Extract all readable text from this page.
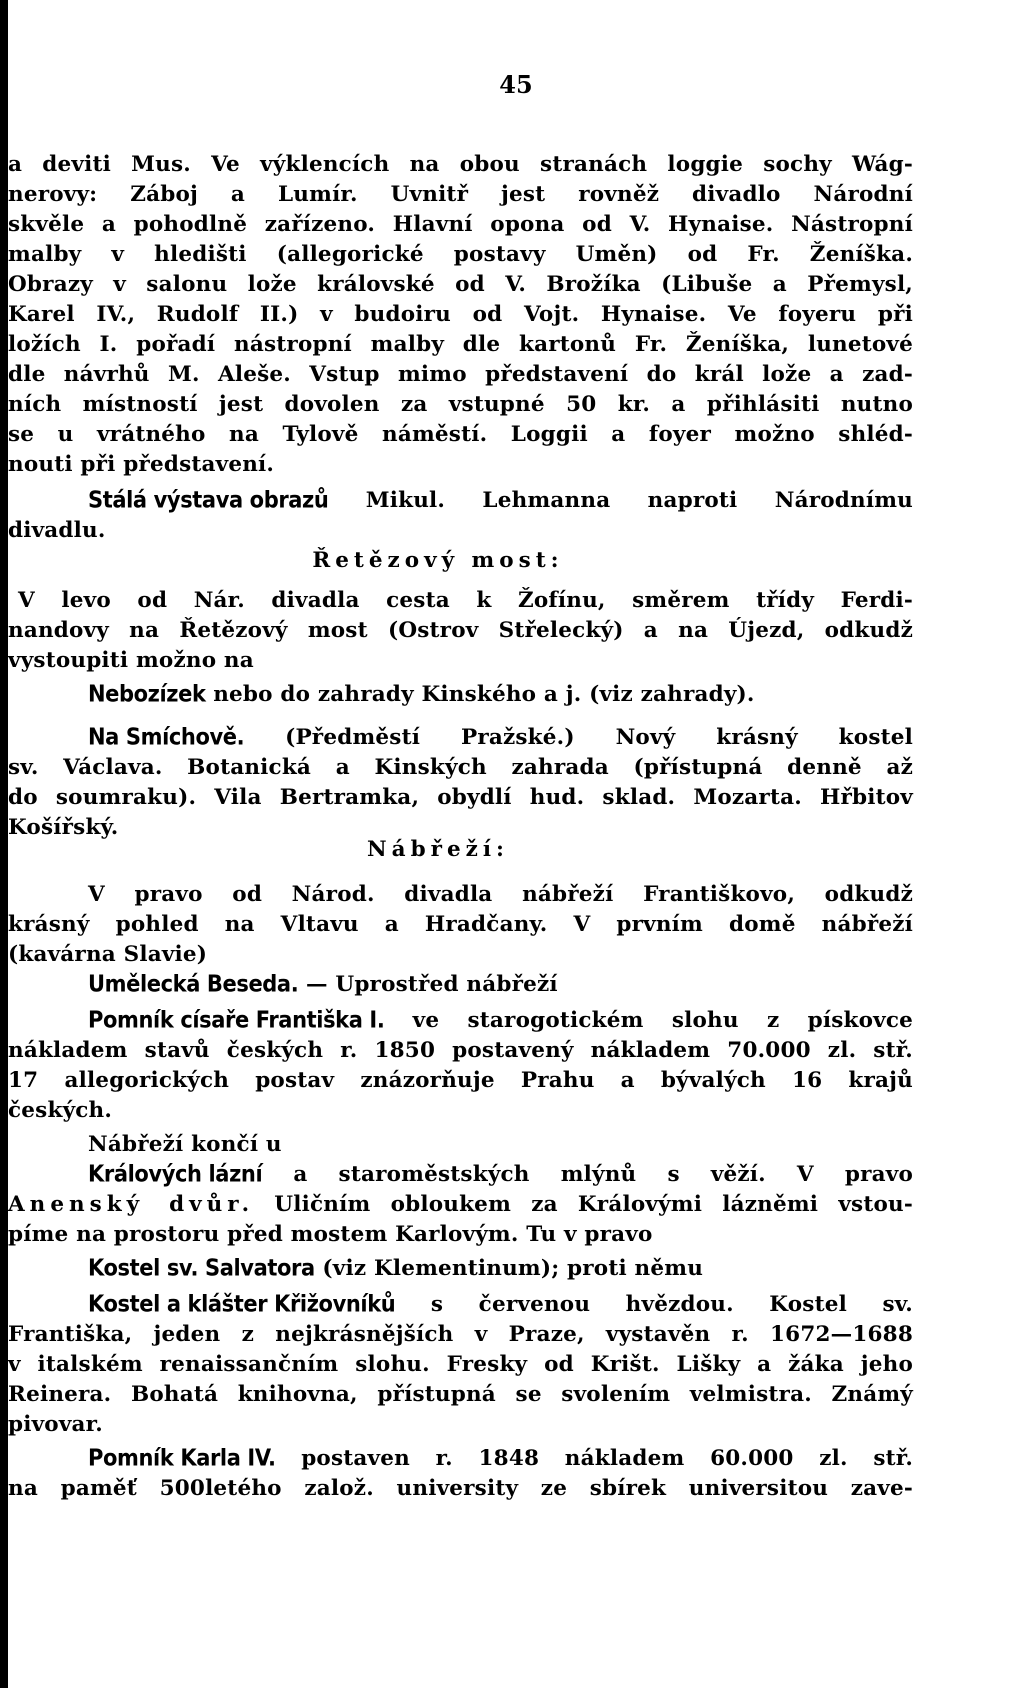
45
a deviti Mus. Ve výklencích na obou stranách loggie sochy Wág-
nerovy: Záboj a Lumír. Uvnitř jest rovněž divadlo Národní
skvěle a pohodlně zařízeno. Hlavní opona od V. Hynaise. Nástropní
malby v hledišti (allegorické postavy Uměn) od Fr. Ženíška.
Obrazy v salonu lože královské od V. Brožíka (Libuše a Přemysl,
Karel IV., Rudolf II.) v budoiru od Vojt. Hynaise. Ve foyeru při
ložích I. pořadí nástropní malby dle kartonů Fr. Ženíška, lunetové
dle návrhů M. Aleše. Vstup mimo představení do král lože a zad-
ních místností jest dovolen za vstupné 50 kr. a přihlásiti nutno
se u vrátného na Tylově náměstí. Loggii a foyer možno shléd-
nouti při představení.
Stálá výstava obrazů Mikul. Lehmanna naproti Národnímu
divadlu.
Řetězový most:
V levo od Nár. divadla cesta k Žofínu, směrem třídy Ferdi-
nandovy na Řetězový most (Ostrov Střelecký) a na Újezd, odkudž
vystoupiti možno na
Nebozízek nebo do zahrady Kinského a j. (viz zahrady).
Na Smíchově. (Předměstí Pražské.) Nový krásný kostel
sv. Václava. Botanická a Kinských zahrada (přístupná denně až
do soumraku). Vila Bertramka, obydlí hud. sklad. Mozarta. Hřbitov
Košířský.
Nábřeží:
V pravo od Národ. divadla nábřeží Františkovo, odkudž
krásný pohled na Vltavu a Hradčany. V prvním domě nábřeží
(kavárna Slavie)
Umělecká Beseda. — Uprostřed nábřeží
Pomník císaře Františka I. ve starogotickém slohu z pískovce
nákladem stavů českých r. 1850 postavený nákladem 70.000 zl. stř.
17 allegorických postav znázorňuje Prahu a bývalých 16 krajů
českých.
Nábřeží končí u
Králových lázní a staroměstských mlýnů s věží. V pravo
Anenský dvůr. Uličním obloukem za Královými lázněmi vstou-
píme na prostoru před mostem Karlovým. Tu v pravo
Kostel sv. Salvatora (viz Klementinum); proti němu
Kostel a klášter Křižovníků s červenou hvězdou. Kostel sv.
Františka, jeden z nejkrásnějších v Praze, vystavěn r. 1672—1688
v italském renaissančním slohu. Fresky od Krišt. Lišky a žáka jeho
Reinera. Bohatá knihovna, přístupná se svolením velmistra. Známý
pivovar.
Pomník Karla IV. postaven r. 1848 nákladem 60.000 zl. stř.
na paměť 500letého založ. university ze sbírek universitou zave-
